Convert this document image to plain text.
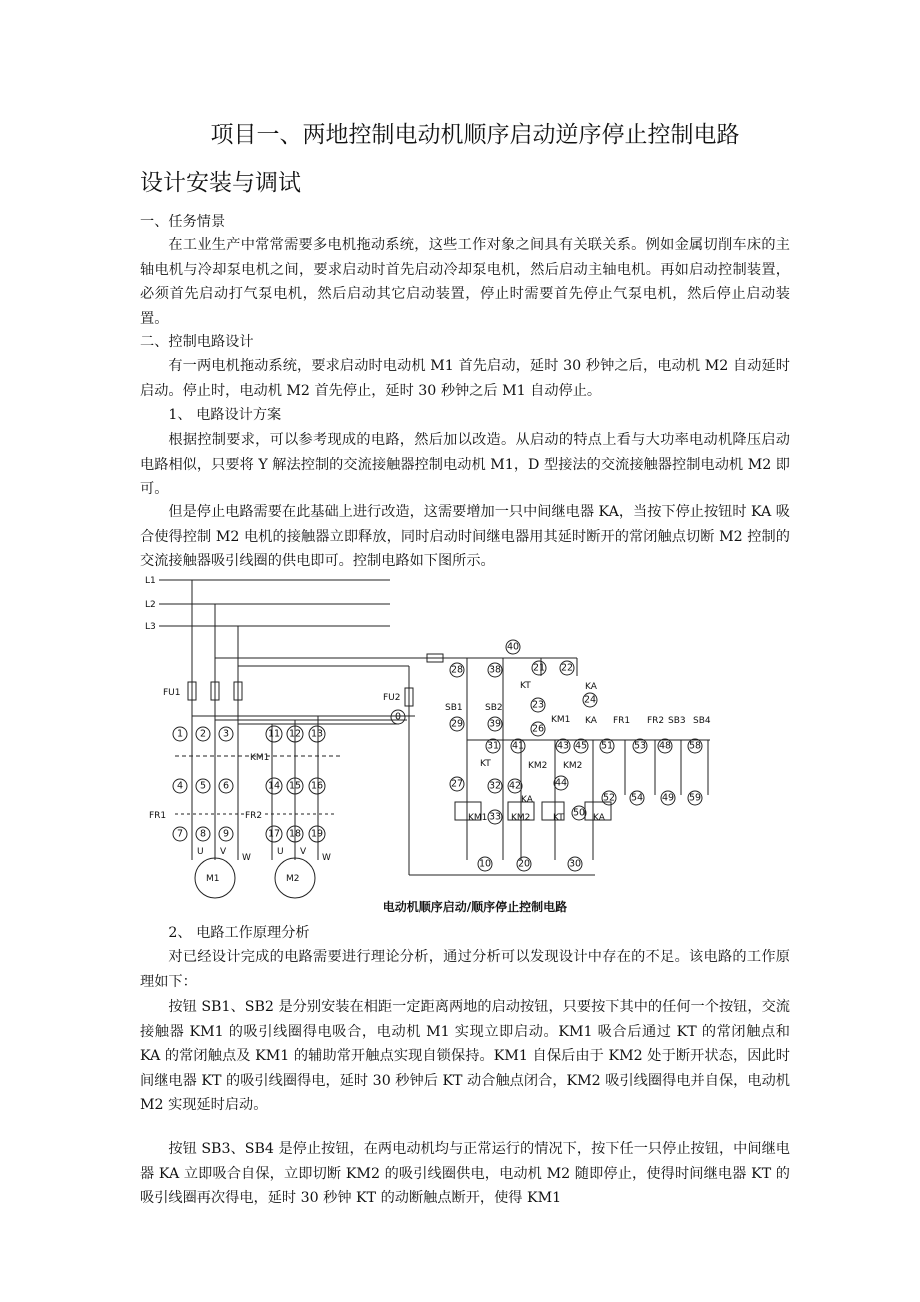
项目一、两地控制电动机顺序启动逆序停止控制电路
设计安装与调试

一、任务情景

在工业生产中常常需要多电机拖动系统，这些工作对象之间具有关联关系。例如金属切削车床的主轴电机与冷却泵电机之间，要求启动时首先启动冷却泵电机，然后启动主轴电机。再如启动控制装置，必须首先启动打气泵电机，然后启动其它启动装置，停止时需要首先停止气泵电机，然后停止启动装置。

二、控制电路设计

有一两电机拖动系统，要求启动时电动机 M1 首先启动，延时 30 秒钟之后，电动机 M2 自动延时启动。停止时，电动机 M2 首先停止，延时 30 秒钟之后 M1 自动停止。

1、 电路设计方案

根据控制要求，可以参考现成的电路，然后加以改造。从启动的特点上看与大功率电动机降压启动电路相似，只要将 Y 解法控制的交流接触器控制电动机 M1，D 型接法的交流接触器控制电动机 M2 即可。

但是停止电路需要在此基础上进行改造，这需要增加一只中间继电器 KA，当按下停止按钮时 KA 吸合使得控制 M2 电机的接触器立即释放，同时启动时间继电器用其延时断开的常闭触点切断 M2 控制的交流接触器吸引线圈的供电即可。控制电路如下图所示。

L1
L2
L3
FU1
KM1
FR1
M1
U V
W
FR2
M2
U V
W
1 2 3
4 5 6
7 8 9
11 12 13
14 15 16
17 18 19
FU2
0
40
28	38	21 22
24
23
29	39	26
31 41	43 45 51 53 48 58
27	32 42	44
52 54 49 59
33	50
10	20	30
SB1 SB2
KT	KA
KM1 KA FR1 FR2 SB3 SB4
KT	KM2 KM2
KA
KM1	KM2	KT	KA
电动机顺序启动/顺序停止控制电路

2、 电路工作原理分析

对已经设计完成的电路需要进行理论分析，通过分析可以发现设计中存在的不足。该电路的工作原理如下：

按钮 SB1、SB2 是分别安装在相距一定距离两地的启动按钮，只要按下其中的任何一个按钮，交流接触器 KM1 的吸引线圈得电吸合，电动机 M1 实现立即启动。KM1 吸合后通过 KT 的常闭触点和 KA 的常闭触点及 KM1 的辅助常开触点实现自锁保持。KM1 自保后由于 KM2 处于断开状态，因此时间继电器 KT 的吸引线圈得电，延时 30 秒钟后 KT 动合触点闭合，KM2 吸引线圈得电并自保，电动机 M2 实现延时启动。

按钮 SB3、SB4 是停止按钮，在两电动机均与正常运行的情况下，按下任一只停止按钮，中间继电器 KA 立即吸合自保，立即切断 KM2 的吸引线圈供电，电动机 M2 随即停止，使得时间继电器 KT 的吸引线圈再次得电，延时 30 秒钟 KT 的动断触点断开，使得 KM1
